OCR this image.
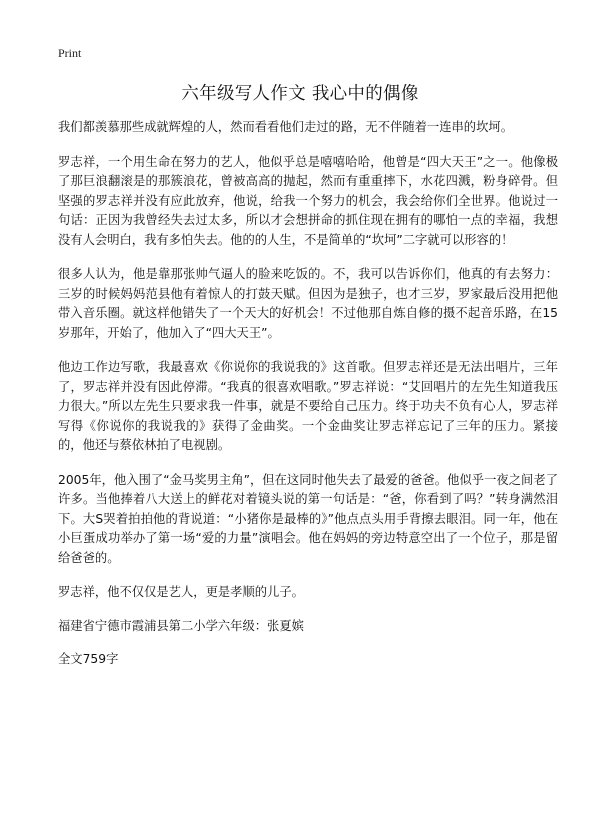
Print
六年级写人作文 我心中的偶像

我们都羡慕那些成就辉煌的人，然而看看他们走过的路，无不伴随着一连串的坎坷。

罗志祥，一个用生命在努力的艺人，他似乎总是嘻嘻哈哈，他曾是“四大天王”之一。他像极了那巨浪翻滚是的那簇浪花，曾被高高的抛起，然而有重重摔下，水花四溅，粉身碎骨。但坚强的罗志祥并没有应此放弃，他说，给我一个努力的机会，我会给你们全世界。他说过一句话：正因为我曾经失去过太多，所以才会想拼命的抓住现在拥有的哪怕一点的幸福，我想没有人会明白，我有多怕失去。他的的人生，不是简单的“坎坷”二字就可以形容的！

很多人认为，他是靠那张帅气逼人的脸来吃饭的。不，我可以告诉你们，他真的有去努力：三岁的时候妈妈范县他有着惊人的打鼓天赋。但因为是独子，也才三岁，罗家最后没用把他带入音乐圈。就这样他错失了一个天大的好机会！不过他那自炼自修的摄不起音乐路，在15岁那年，开始了，他加入了“四大天王”。

他边工作边写歌，我最喜欢《你说你的我说我的》这首歌。但罗志祥还是无法出唱片，三年了，罗志祥并没有因此停滞。“我真的很喜欢唱歌。”罗志祥说：“艾回唱片的左先生知道我压力很大。”所以左先生只要求我一件事，就是不要给自己压力。终于功夫不负有心人，罗志祥写得《你说你的我说我的》获得了金曲奖。一个金曲奖让罗志祥忘记了三年的压力。紧接的，他还与蔡依林拍了电视剧。

2005年，他入围了“金马奖男主角”，但在这同时他失去了最爱的爸爸。他似乎一夜之间老了许多。当他捧着八大送上的鲜花对着镜头说的第一句话是：“爸，你看到了吗？”转身满然泪下。大S哭着拍拍他的背说道：“小猪你是最棒的》”他点点头用手背擦去眼泪。同一年，他在小巨蛋成功举办了第一场“爱的力量”演唱会。他在妈妈的旁边特意空出了一个位子，那是留给爸爸的。

罗志祥，他不仅仅是艺人，更是孝顺的儿子。

福建省宁德市霞浦县第二小学六年级：张夏嫔

全文759字
